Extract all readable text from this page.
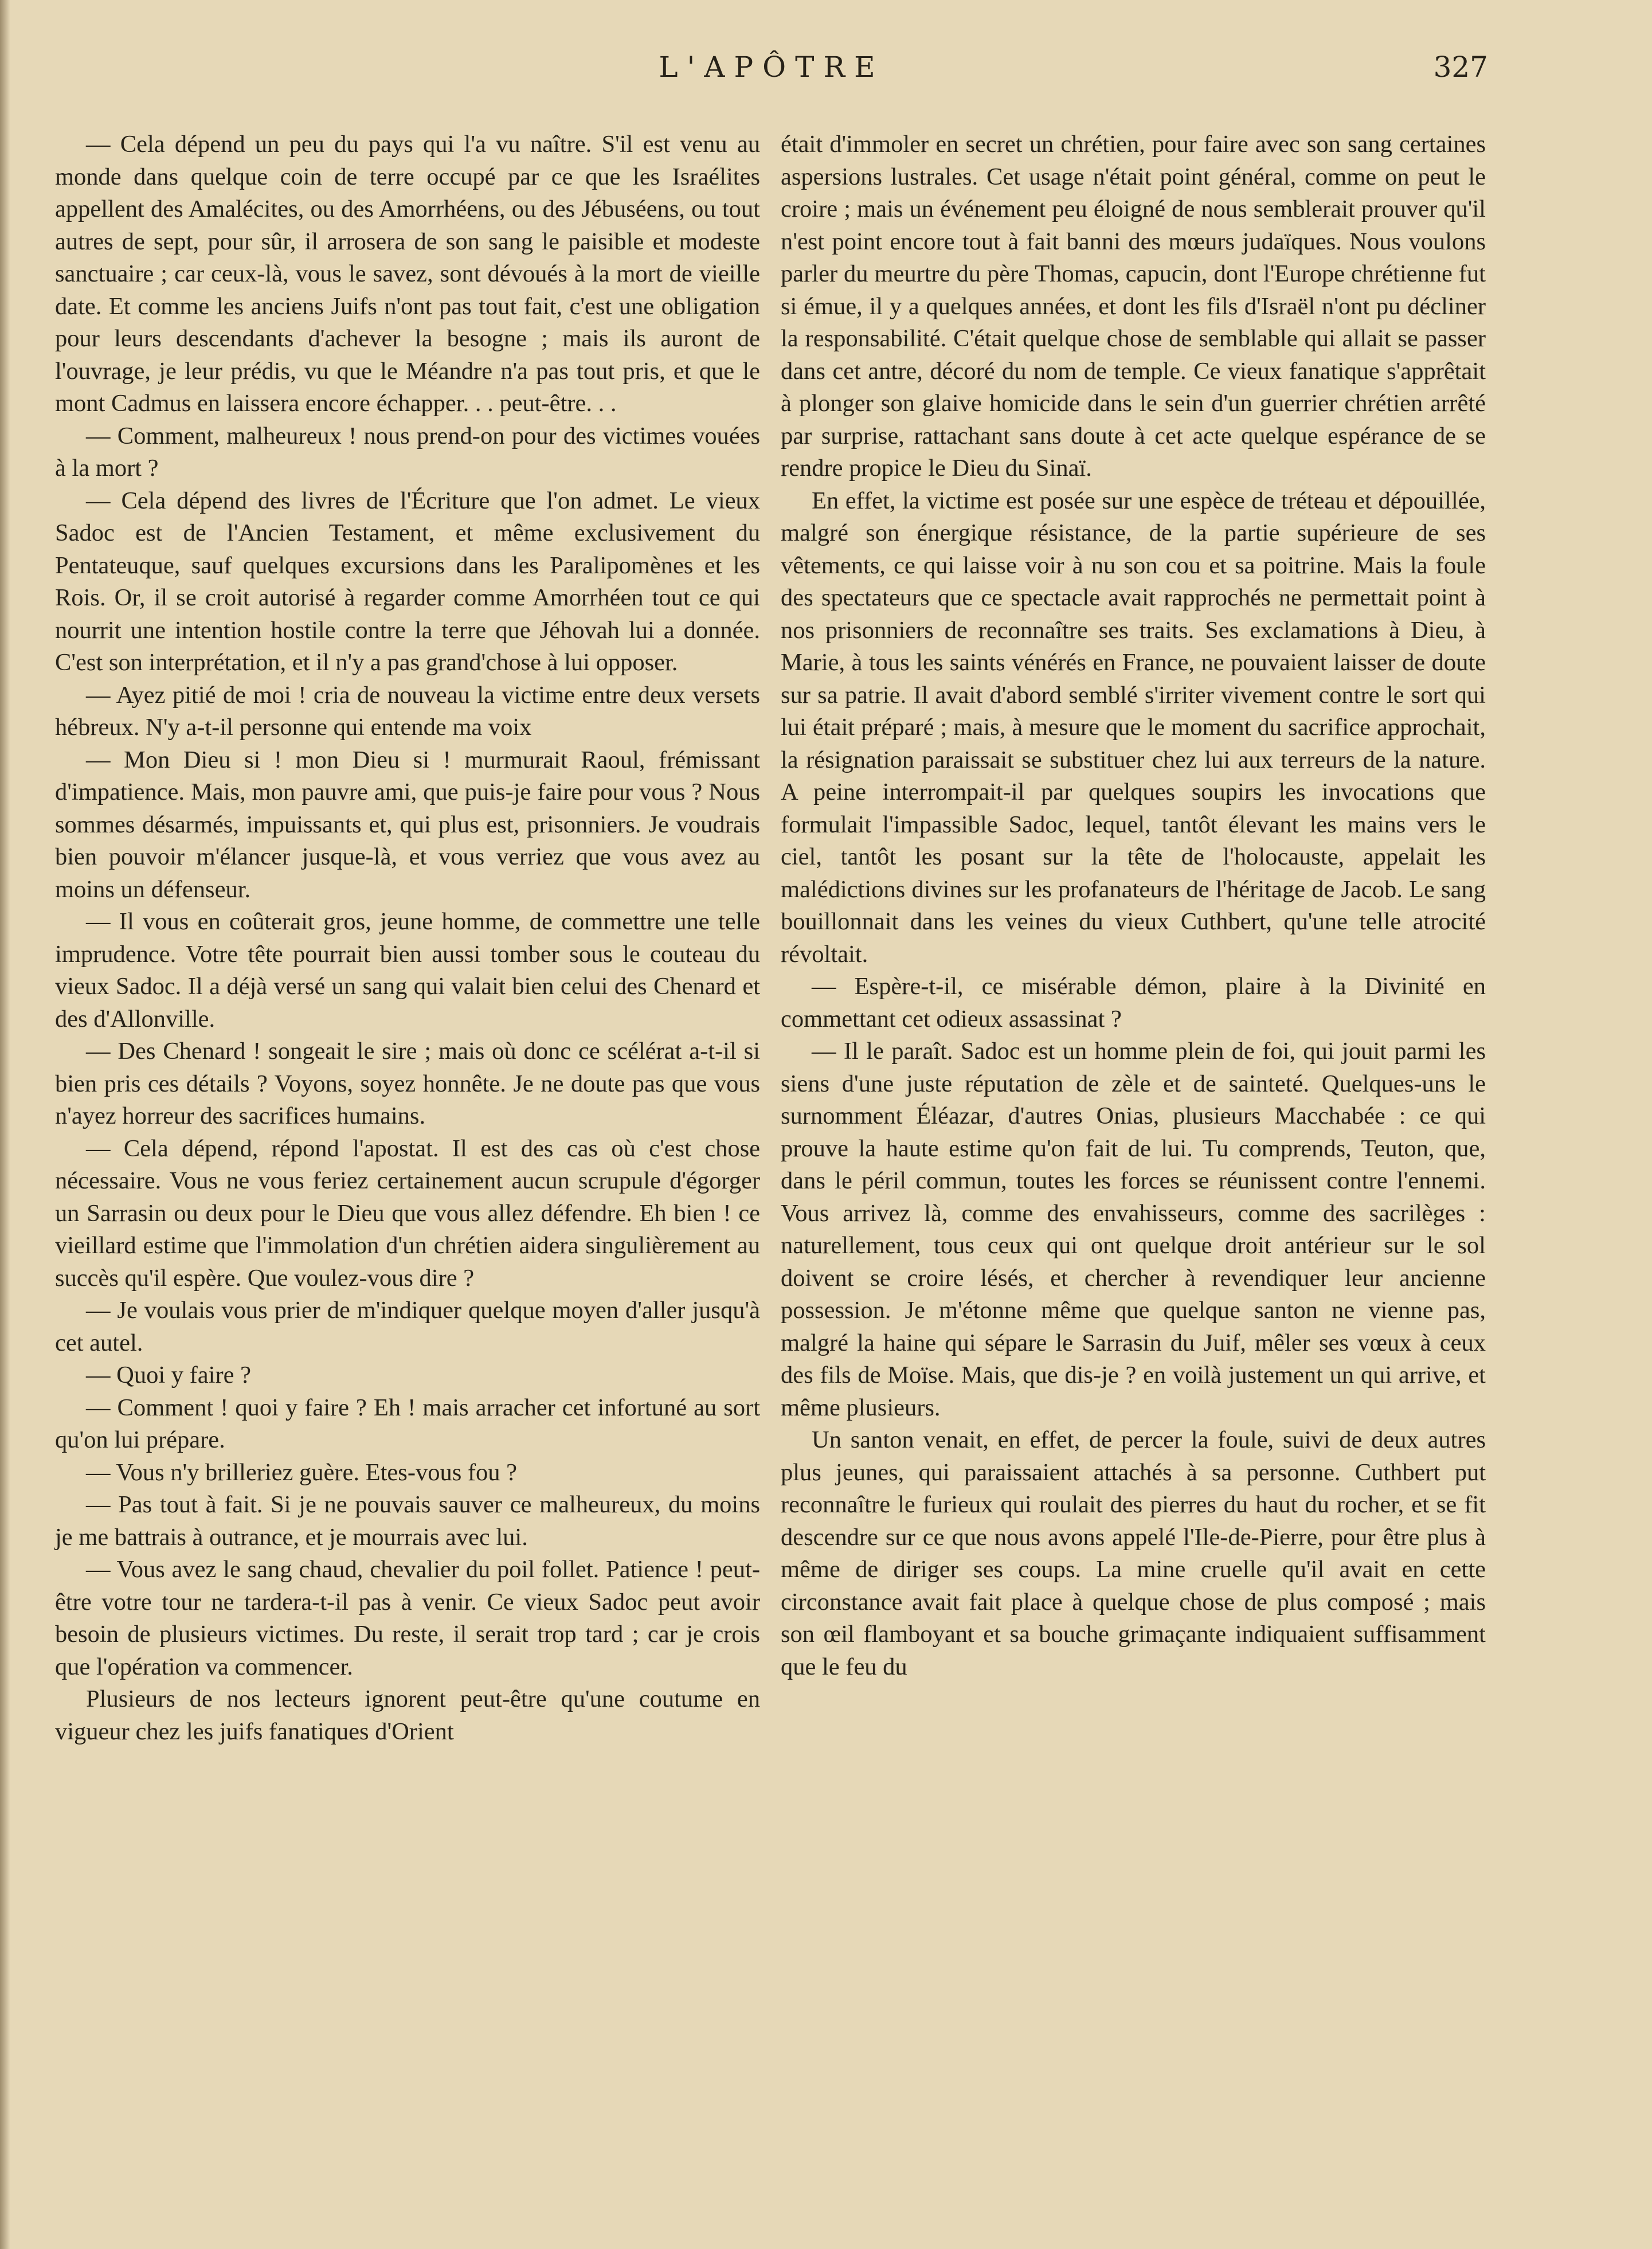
L'APÔTRE	327

— Cela dépend un peu du pays qui l'a vu naître. S'il est venu au monde dans quelque coin de terre occupé par ce que les Israélites appellent des Amalécites, ou des Amorrhéens, ou des Jébuséens, ou tout autres de sept, pour sûr, il arrosera de son sang le paisible et modeste sanctuaire ; car ceux-là, vous le savez, sont dévoués à la mort de vieille date. Et comme les anciens Juifs n'ont pas tout fait, c'est une obligation pour leurs descendants d'achever la besogne ; mais ils auront de l'ouvrage, je leur prédis, vu que le Méandre n'a pas tout pris, et que le mont Cadmus en laissera encore échapper. . . peut-être. . .

— Comment, malheureux ! nous prend-on pour des victimes vouées à la mort ?

— Cela dépend des livres de l'Écriture que l'on admet. Le vieux Sadoc est de l'Ancien Testament, et même exclusivement du Pentateuque, sauf quelques excursions dans les Paralipomènes et les Rois. Or, il se croit autorisé à regarder comme Amorrhéen tout ce qui nourrit une intention hostile contre la terre que Jéhovah lui a donnée. C'est son interprétation, et il n'y a pas grand'chose à lui opposer.

— Ayez pitié de moi ! cria de nouveau la victime entre deux versets hébreux. N'y a-t-il personne qui entende ma voix

— Mon Dieu si ! mon Dieu si ! murmurait Raoul, frémissant d'impatience. Mais, mon pauvre ami, que puis-je faire pour vous ? Nous sommes désarmés, impuissants et, qui plus est, prisonniers. Je voudrais bien pouvoir m'élancer jusque-là, et vous verriez que vous avez au moins un défenseur.

— Il vous en coûterait gros, jeune homme, de commettre une telle imprudence. Votre tête pourrait bien aussi tomber sous le couteau du vieux Sadoc. Il a déjà versé un sang qui valait bien celui des Chenard et des d'Allonville.

— Des Chenard ! songeait le sire ; mais où donc ce scélérat a-t-il si bien pris ces détails ? Voyons, soyez honnête. Je ne doute pas que vous n'ayez horreur des sacrifices humains.

— Cela dépend, répond l'apostat. Il est des cas où c'est chose nécessaire. Vous ne vous feriez certainement aucun scrupule d'égorger un Sarrasin ou deux pour le Dieu que vous allez défendre. Eh bien ! ce vieillard estime que l'immolation d'un chrétien aidera singulièrement au succès qu'il espère. Que voulez-vous dire ?

— Je voulais vous prier de m'indiquer quelque moyen d'aller jusqu'à cet autel.

— Quoi y faire ?

— Comment ! quoi y faire ? Eh ! mais arracher cet infortuné au sort qu'on lui prépare.

— Vous n'y brilleriez guère. Etes-vous fou ?

— Pas tout à fait. Si je ne pouvais sauver ce malheureux, du moins je me battrais à outrance, et je mourrais avec lui.

— Vous avez le sang chaud, chevalier du poil follet. Patience ! peut-être votre tour ne tardera-t-il pas à venir. Ce vieux Sadoc peut avoir besoin de plusieurs victimes. Du reste, il serait trop tard ; car je crois que l'opération va commencer.

Plusieurs de nos lecteurs ignorent peut-être qu'une coutume en vigueur chez les juifs fanatiques d'Orient

était d'immoler en secret un chrétien, pour faire avec son sang certaines aspersions lustrales. Cet usage n'était point général, comme on peut le croire ; mais un événement peu éloigné de nous semblerait prouver qu'il n'est point encore tout à fait banni des mœurs judaïques. Nous voulons parler du meurtre du père Thomas, capucin, dont l'Europe chrétienne fut si émue, il y a quelques années, et dont les fils d'Israël n'ont pu décliner la responsabilité. C'était quelque chose de semblable qui allait se passer dans cet antre, décoré du nom de temple. Ce vieux fanatique s'apprêtait à plonger son glaive homicide dans le sein d'un guerrier chrétien arrêté par surprise, rattachant sans doute à cet acte quelque espérance de se rendre propice le Dieu du Sinaï.

En effet, la victime est posée sur une espèce de tréteau et dépouillée, malgré son énergique résistance, de la partie supérieure de ses vêtements, ce qui laisse voir à nu son cou et sa poitrine. Mais la foule des spectateurs que ce spectacle avait rapprochés ne permettait point à nos prisonniers de reconnaître ses traits. Ses exclamations à Dieu, à Marie, à tous les saints vénérés en France, ne pouvaient laisser de doute sur sa patrie. Il avait d'abord semblé s'irriter vivement contre le sort qui lui était préparé ; mais, à mesure que le moment du sacrifice approchait, la résignation paraissait se substituer chez lui aux terreurs de la nature. A peine interrompait-il par quelques soupirs les invocations que formulait l'impassible Sadoc, lequel, tantôt élevant les mains vers le ciel, tantôt les posant sur la tête de l'holocauste, appelait les malédictions divines sur les profanateurs de l'héritage de Jacob. Le sang bouillonnait dans les veines du vieux Cuthbert, qu'une telle atrocité révoltait.

— Espère-t-il, ce misérable démon, plaire à la Divinité en commettant cet odieux assassinat ?

— Il le paraît. Sadoc est un homme plein de foi, qui jouit parmi les siens d'une juste réputation de zèle et de sainteté. Quelques-uns le surnomment Éléazar, d'autres Onias, plusieurs Macchabée : ce qui prouve la haute estime qu'on fait de lui. Tu comprends, Teuton, que, dans le péril commun, toutes les forces se réunissent contre l'ennemi. Vous arrivez là, comme des envahisseurs, comme des sacrilèges : naturellement, tous ceux qui ont quelque droit antérieur sur le sol doivent se croire lésés, et chercher à revendiquer leur ancienne possession. Je m'étonne même que quelque santon ne vienne pas, malgré la haine qui sépare le Sarrasin du Juif, mêler ses vœux à ceux des fils de Moïse. Mais, que dis-je ? en voilà justement un qui arrive, et même plusieurs.

Un santon venait, en effet, de percer la foule, suivi de deux autres plus jeunes, qui paraissaient attachés à sa personne. Cuthbert put reconnaître le furieux qui roulait des pierres du haut du rocher, et se fit descendre sur ce que nous avons appelé l'Ile-de-Pierre, pour être plus à même de diriger ses coups. La mine cruelle qu'il avait en cette circonstance avait fait place à quelque chose de plus composé ; mais son œil flamboyant et sa bouche grimaçante indiquaient suffisamment que le feu du
